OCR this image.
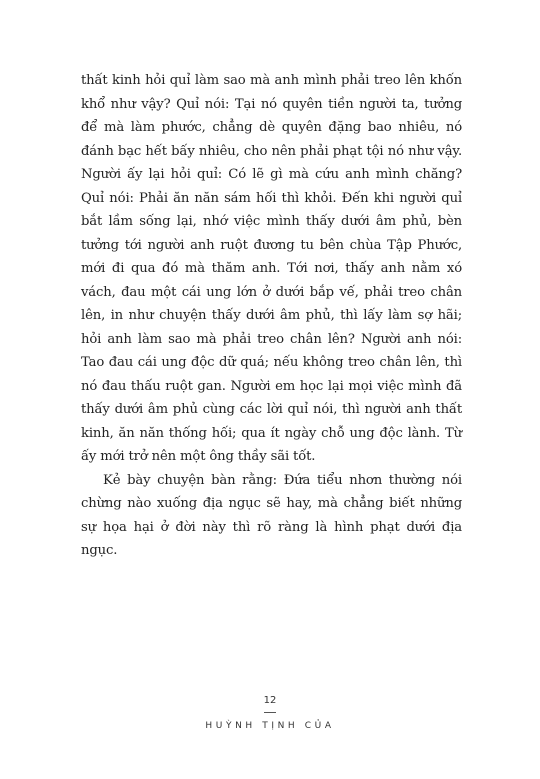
thất kinh hỏi quỉ làm sao mà anh mình phải treo lên khốn khổ như vậy? Quỉ nói: Tại nó quyên tiền người ta, tưởng để mà làm phước, chẳng dè quyên đặng bao nhiêu, nó đánh bạc hết bấy nhiêu, cho nên phải phạt tội nó như vậy. Người ấy lại hỏi quỉ: Có lẽ gì mà cứu anh mình chăng? Quỉ nói: Phải ăn năn sám hối thì khỏi. Đến khi người quỉ bắt lầm sống lại, nhớ việc mình thấy dưới âm phủ, bèn tưởng tới người anh ruột đương tu bên chùa Tập Phước, mới đi qua đó mà thăm anh. Tới nơi, thấy anh nằm xó vách, đau một cái ung lớn ở dưới bắp vế, phải treo chân lên, in như chuyện thấy dưới âm phủ, thì lấy làm sợ hãi; hỏi anh làm sao mà phải treo chân lên? Người anh nói: Tao đau cái ung độc dữ quá; nếu không treo chân lên, thì nó đau thấu ruột gan. Người em học lại mọi việc mình đã thấy dưới âm phủ cùng các lời quỉ nói, thì người anh thất kinh, ăn năn thống hối; qua ít ngày chỗ ung độc lành. Từ ấy mới trở nên một ông thầy sãi tốt.

Kẻ bày chuyện bàn rằng: Đứa tiểu nhơn thường nói chừng nào xuống địa ngục sẽ hay, mà chẳng biết những sự họa hại ở đời này thì rõ ràng là hình phạt dưới địa ngục.

12
HUỲNH TỊNH CỦA
